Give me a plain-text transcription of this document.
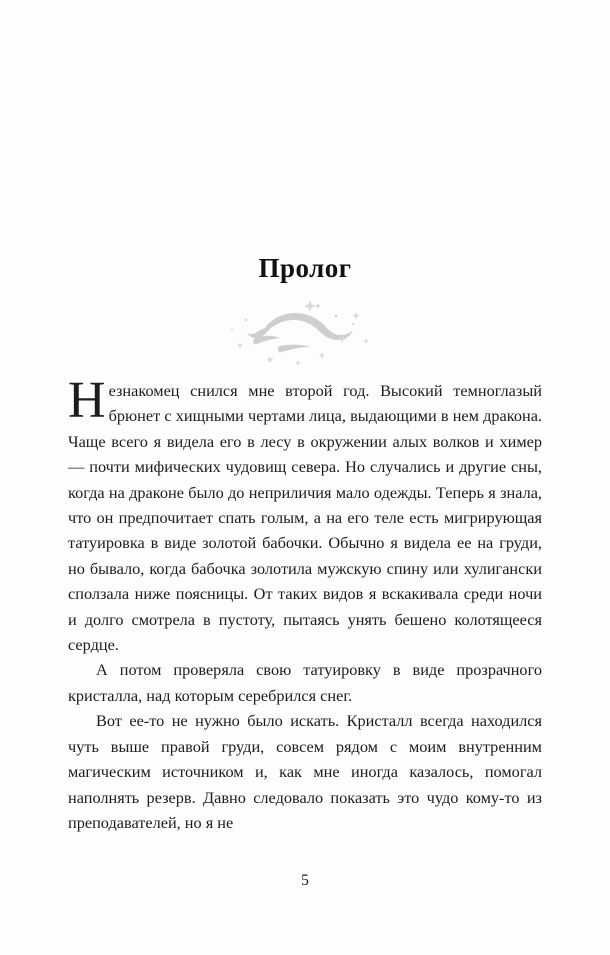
Пролог

Незнакомец снился мне второй год. Высокий темноглазый брюнет с хищными чертами лица, выдающими в нем дракона. Чаще всего я видела его в лесу в окружении алых волков и химер — почти мифических чудовищ севера. Но случались и другие сны, когда на драконе было до неприличия мало одежды. Теперь я знала, что он предпочитает спать голым, а на его теле есть мигрирующая татуировка в виде золотой бабочки. Обычно я видела ее на груди, но бывало, когда бабочка золотила мужскую спину или хулигански сползала ниже поясницы. От таких видов я вскакивала среди ночи и долго смотрела в пустоту, пытаясь унять бешено колотящееся сердце.

А потом проверяла свою татуировку в виде прозрачного кристалла, над которым серебрился снег.

Вот ее-то не нужно было искать. Кристалл всегда находился чуть выше правой груди, совсем рядом с моим внутренним магическим источником и, как мне иногда казалось, помогал наполнять резерв. Давно следовало показать это чудо кому-то из преподавателей, но я не

5
